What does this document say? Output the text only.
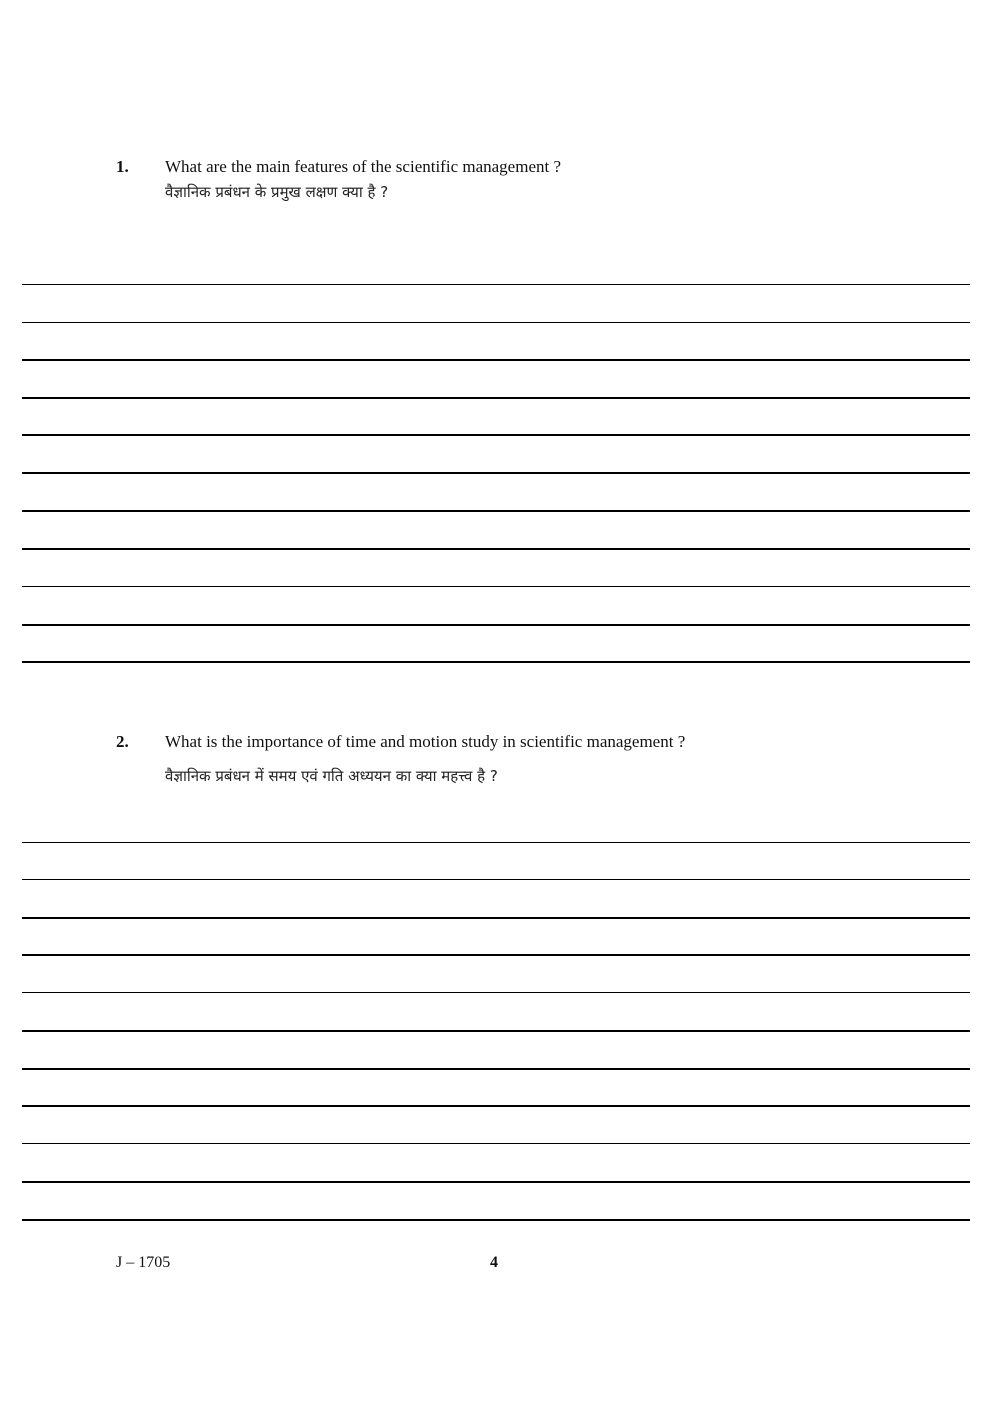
1. What are the main features of the scientific management ?
वैज्ञानिक प्रबंधन के प्रमुख लक्षण क्या है ?
2. What is the importance of time and motion study in scientific management ?
वैज्ञानिक प्रबंधन में समय एवं गति अध्ययन का क्या महत्त्व है ?
J – 1705	4
